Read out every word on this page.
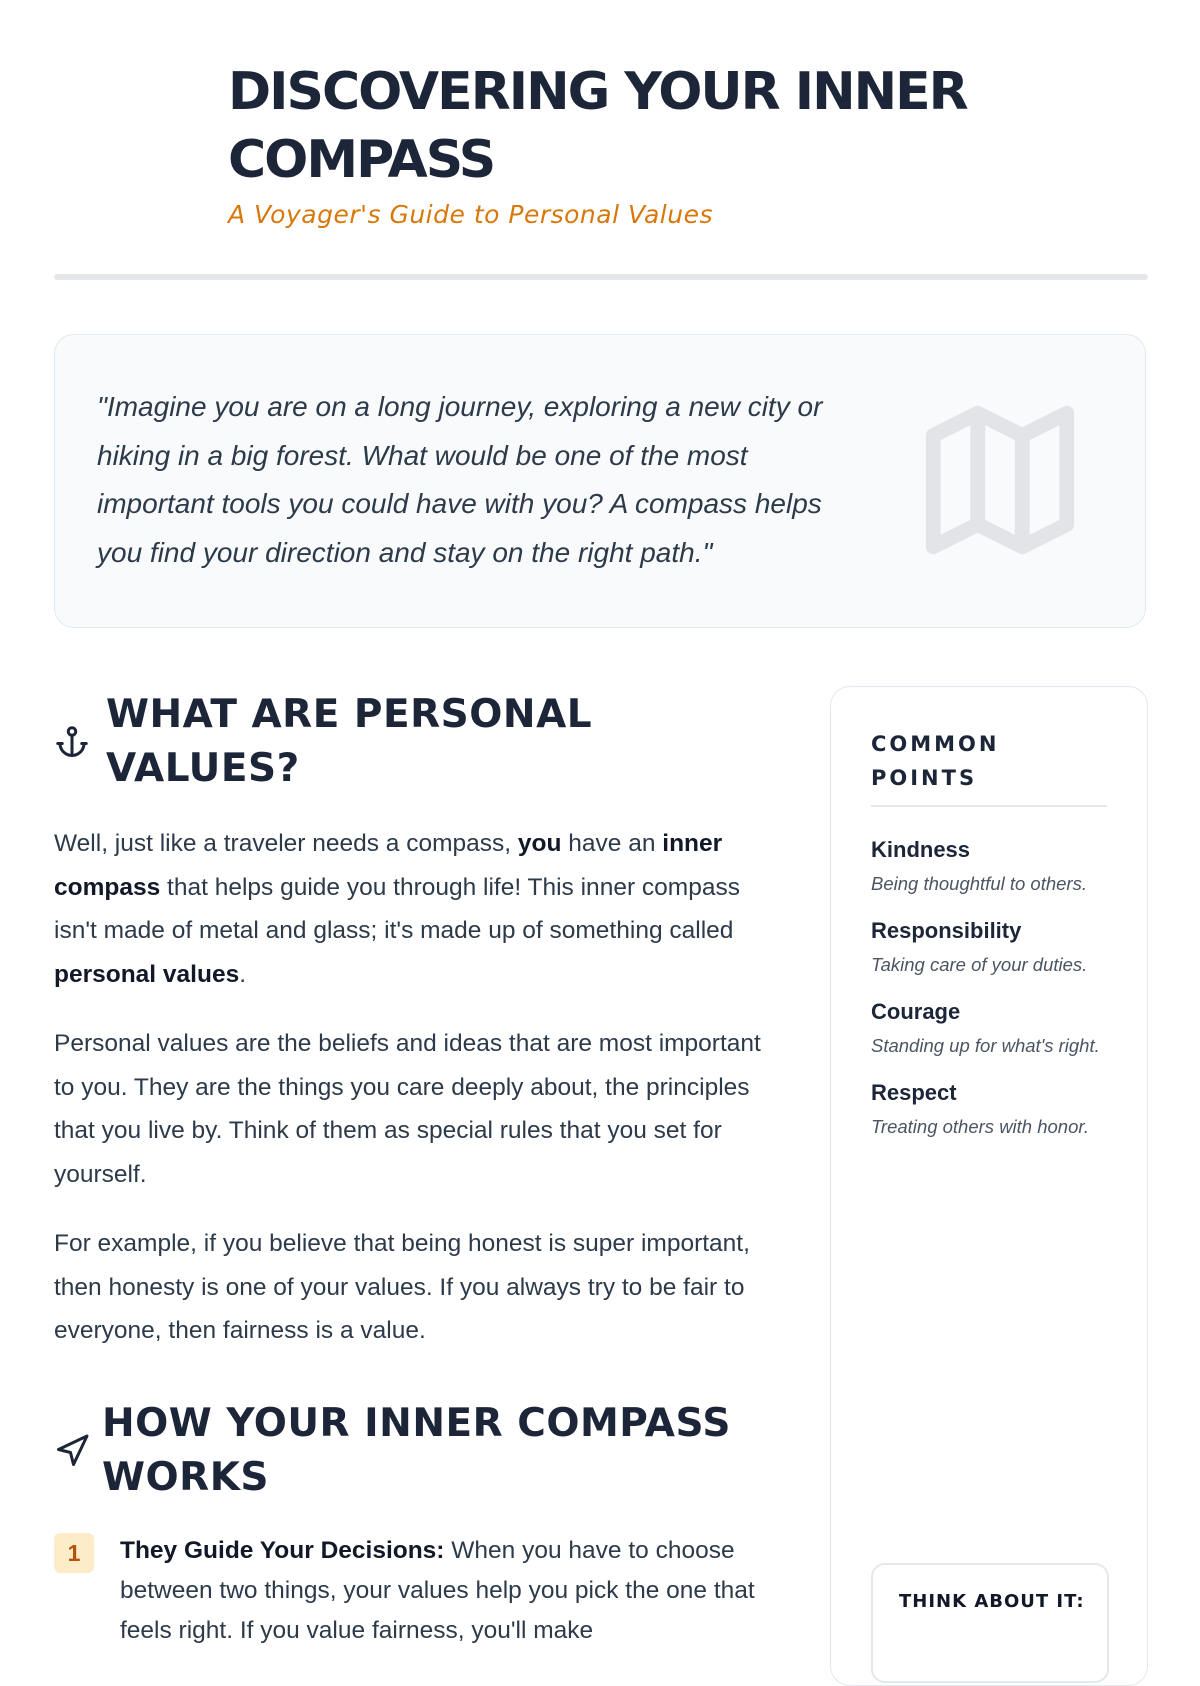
DISCOVERING YOUR INNER COMPASS
A Voyager's Guide to Personal Values

"Imagine you are on a long journey, exploring a new city or hiking in a big forest. What would be one of the most important tools you could have with you? A compass helps you find your direction and stay on the right path."

WHAT ARE PERSONAL VALUES?

Well, just like a traveler needs a compass, you have an inner compass that helps guide you through life! This inner compass isn't made of metal and glass; it's made up of something called personal values.

Personal values are the beliefs and ideas that are most important to you. They are the things you care deeply about, the principles that you live by. Think of them as special rules that you set for yourself.

For example, if you believe that being honest is super important, then honesty is one of your values. If you always try to be fair to everyone, then fairness is a value.

HOW YOUR INNER COMPASS WORKS
1	They Guide Your Decisions: When you have to choose between two things, your values help you pick the one that feels right. If you value fairness, you'll make
COMMON POINTS
Kindness
Being thoughtful to others.
Responsibility
Taking care of your duties.
Courage
Standing up for what's right.
Respect
Treating others with honor.
THINK ABOUT IT:
